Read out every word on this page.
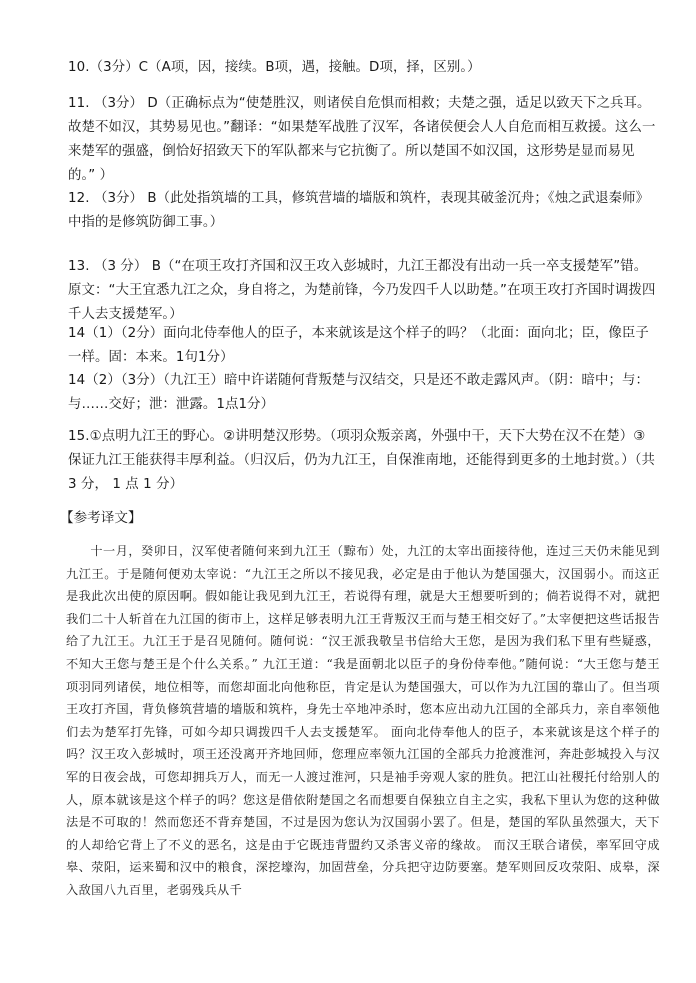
10.（3分）C（A项，因，接续。B项，遇，接触。D项，择，区别。）

11. （3分） D（正确标点为“使楚胜汉，则诸侯自危惧而相救；夫楚之强，适足以致天下之兵耳。故楚不如汉，其势易见也。”翻译：“如果楚军战胜了汉军，各诸侯便会人人自危而相互救援。这么一来楚军的强盛，倒恰好招致天下的军队都来与它抗衡了。所以楚国不如汉国，这形势是显而易见的。” ）

12. （3分） B（此处指筑墙的工具，修筑营墙的墙版和筑杵，表现其破釜沉舟；《烛之武退秦师》中指的是修筑防御工事。）

13. （3 分） B（“在项王攻打齐国和汉王攻入彭城时，九江王都没有出动一兵一卒支援楚军”错。原文：“大王宜悉九江之众，身自将之，为楚前锋，今乃发四千人以助楚。”在项王攻打齐国时调拨四千人去支援楚军。）

14（1）（2分）面向北侍奉他人的臣子，本来就该是这个样子的吗？（北面：面向北；臣，像臣子一样。固：本来。1句1分）

14（2）（3分）（九江王）暗中许诺随何背叛楚与汉结交，只是还不敢走露风声。（阴：暗中；与：与……交好；泄：泄露。1点1分）

15.①点明九江王的野心。②讲明楚汉形势。（项羽众叛亲离，外强中干，天下大势在汉不在楚）③保证九江王能获得丰厚利益。（归汉后，仍为九江王，自保淮南地，还能得到更多的土地封赏。）（共 3 分， 1 点 1 分）

【参考译文】

十一月，癸卯日，汉军使者随何来到九江王（黥布）处，九江的太宰出面接待他，连过三天仍未能见到九江王。于是随何便劝太宰说：“九江王之所以不接见我，必定是由于他认为楚国强大，汉国弱小。而这正是我此次出使的原因啊。假如能让我见到九江王，若说得有理，就是大王想要听到的；倘若说得不对，就把我们二十人斩首在九江国的街市上，这样足够表明九江王背叛汉王而与楚王相交好了。”太宰便把这些话报告给了九江王。九江王于是召见随何。随何说：“汉王派我敬呈书信给大王您，是因为我们私下里有些疑惑，不知大王您与楚王是个什么关系。” 九江王道：“我是面朝北以臣子的身份侍奉他。”随何说：“大王您与楚王项羽同列诸侯，地位相等，而您却面北向他称臣，肯定是认为楚国强大，可以作为九江国的靠山了。但当项王攻打齐国，背负修筑营墙的墙版和筑杵，身先士卒地冲杀时，您本应出动九江国的全部兵力，亲自率领他们去为楚军打先锋，可如今却只调拨四千人去支援楚军。 面向北侍奉他人的臣子，本来就该是这个样子的吗？汉王攻入彭城时，项王还没离开齐地回师，您理应率领九江国的全部兵力抢渡淮河，奔赴彭城投入与汉军的日夜会战，可您却拥兵万人，而无一人渡过淮河，只是袖手旁观人家的胜负。把江山社稷托付给别人的人，原本就该是这个样子的吗？您这是借依附楚国之名而想要自保独立自主之实，我私下里认为您的这种做法是不可取的！然而您还不背弃楚国，不过是因为您认为汉国弱小罢了。但是，楚国的军队虽然强大，天下的人却给它背上了不义的恶名，这是由于它既违背盟约又杀害义帝的缘故。 而汉王联合诸侯，率军回守成皋、荥阳，运来蜀和汉中的粮食，深挖壕沟，加固营垒，分兵把守边防要塞。楚军则回反攻荥阳、成皋，深入敌国八九百里，老弱残兵从千
